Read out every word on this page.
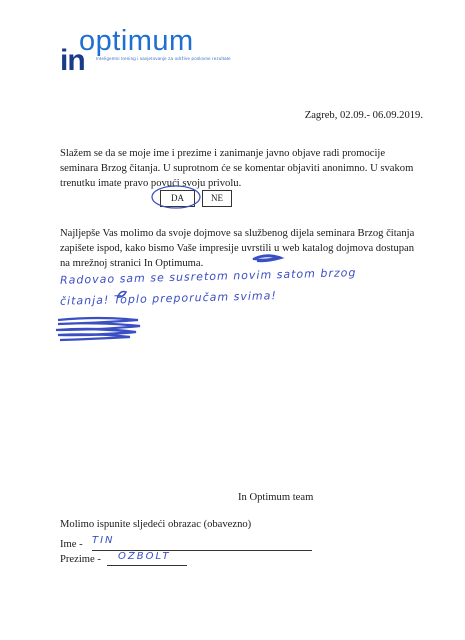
optimum
in	Inteligentni trening i savjetovanje za održive poslovne rezultate
Zagreb, 02.09.- 06.09.2019.
Slažem se da se moje ime i prezime i zanimanje javno objave radi promocije seminara Brzog čitanja. U suprotnom će se komentar objaviti anonimno. U svakom trenutku imate pravo povući svoju privolu.
DA	NE
Najljepše Vas molimo da svoje dojmove sa službenog dijela seminara Brzog čitanja zapišete ispod, kako bismo Vaše impresije uvrstili u web katalog dojmova dostupan na mrežnoj stranici In Optimuma.
Radovao sam se susretom novim satom brzog
čitanja! Toplo preporučam svima!
In Optimum team
Molimo ispunite sljedeći obrazac (obavezno)
Ime - TIN
Prezime - OŽBOLT
